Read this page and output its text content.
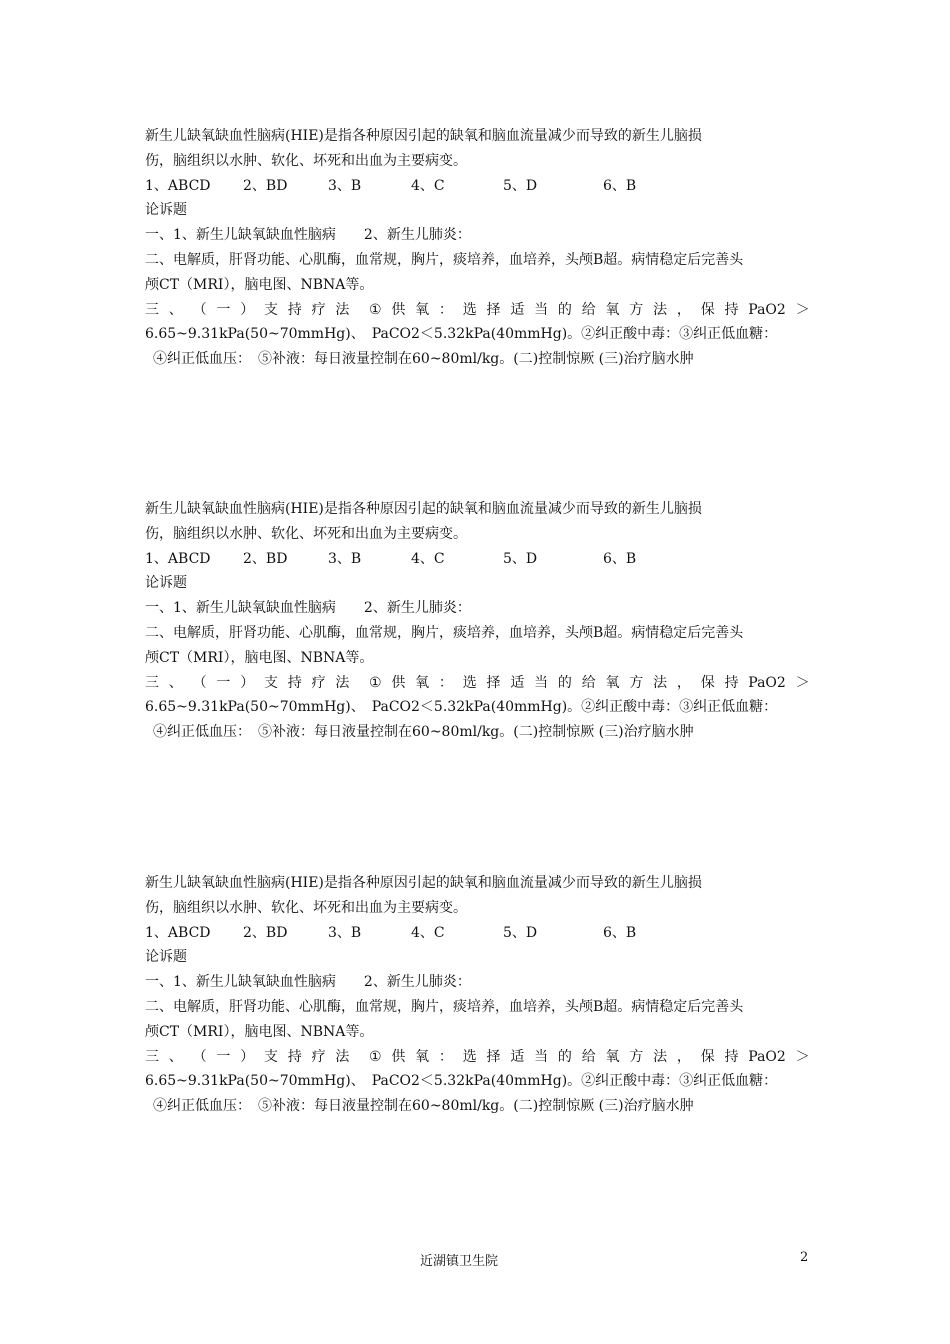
新生儿缺氧缺血性脑病(HIE)是指各种原因引起的缺氧和脑血流量减少而导致的新生儿脑损
伤，脑组织以水肿、软化、坏死和出血为主要病变。
1、ABCD	2、BD	3、B	4、C	5、D	6、B
论诉题
一、1、新生儿缺氧缺血性脑病　　2、新生儿肺炎：
二、电解质，肝肾功能、心肌酶，血常规，胸片，痰培养，血培养，头颅B超。病情稳定后完善头
颅CT（MRI），脑电图、NBNA等。
三 、 （ 一 ） 支 持 疗 法 ① 供 氧 ： 选 择 适 当 的 给 氧 方 法 ， 保 持 PaO2 ＞
6.65~9.31kPa(50~70mmHg)、　PaCO2＜5.32kPa(40mmHg)。②纠正酸中毒：③纠正低血糖：
④纠正低血压：　⑤补液：每日液量控制在60~80ml/kg。(二)控制惊厥 (三)治疗脑水肿
新生儿缺氧缺血性脑病(HIE)是指各种原因引起的缺氧和脑血流量减少而导致的新生儿脑损
伤，脑组织以水肿、软化、坏死和出血为主要病变。
1、ABCD	2、BD	3、B	4、C	5、D	6、B
论诉题
一、1、新生儿缺氧缺血性脑病　　2、新生儿肺炎：
二、电解质，肝肾功能、心肌酶，血常规，胸片，痰培养，血培养，头颅B超。病情稳定后完善头
颅CT（MRI），脑电图、NBNA等。
三 、 （ 一 ） 支 持 疗 法 ① 供 氧 ： 选 择 适 当 的 给 氧 方 法 ， 保 持 PaO2 ＞
6.65~9.31kPa(50~70mmHg)、　PaCO2＜5.32kPa(40mmHg)。②纠正酸中毒：③纠正低血糖：
④纠正低血压：　⑤补液：每日液量控制在60~80ml/kg。(二)控制惊厥 (三)治疗脑水肿
新生儿缺氧缺血性脑病(HIE)是指各种原因引起的缺氧和脑血流量减少而导致的新生儿脑损
伤，脑组织以水肿、软化、坏死和出血为主要病变。
1、ABCD	2、BD	3、B	4、C	5、D	6、B
论诉题
一、1、新生儿缺氧缺血性脑病　　2、新生儿肺炎：
二、电解质，肝肾功能、心肌酶，血常规，胸片，痰培养，血培养，头颅B超。病情稳定后完善头
颅CT（MRI），脑电图、NBNA等。
三 、 （ 一 ） 支 持 疗 法 ① 供 氧 ： 选 择 适 当 的 给 氧 方 法 ， 保 持 PaO2 ＞
6.65~9.31kPa(50~70mmHg)、　PaCO2＜5.32kPa(40mmHg)。②纠正酸中毒：③纠正低血糖：
④纠正低血压：　⑤补液：每日液量控制在60~80ml/kg。(二)控制惊厥 (三)治疗脑水肿
近湖镇卫生院	2
